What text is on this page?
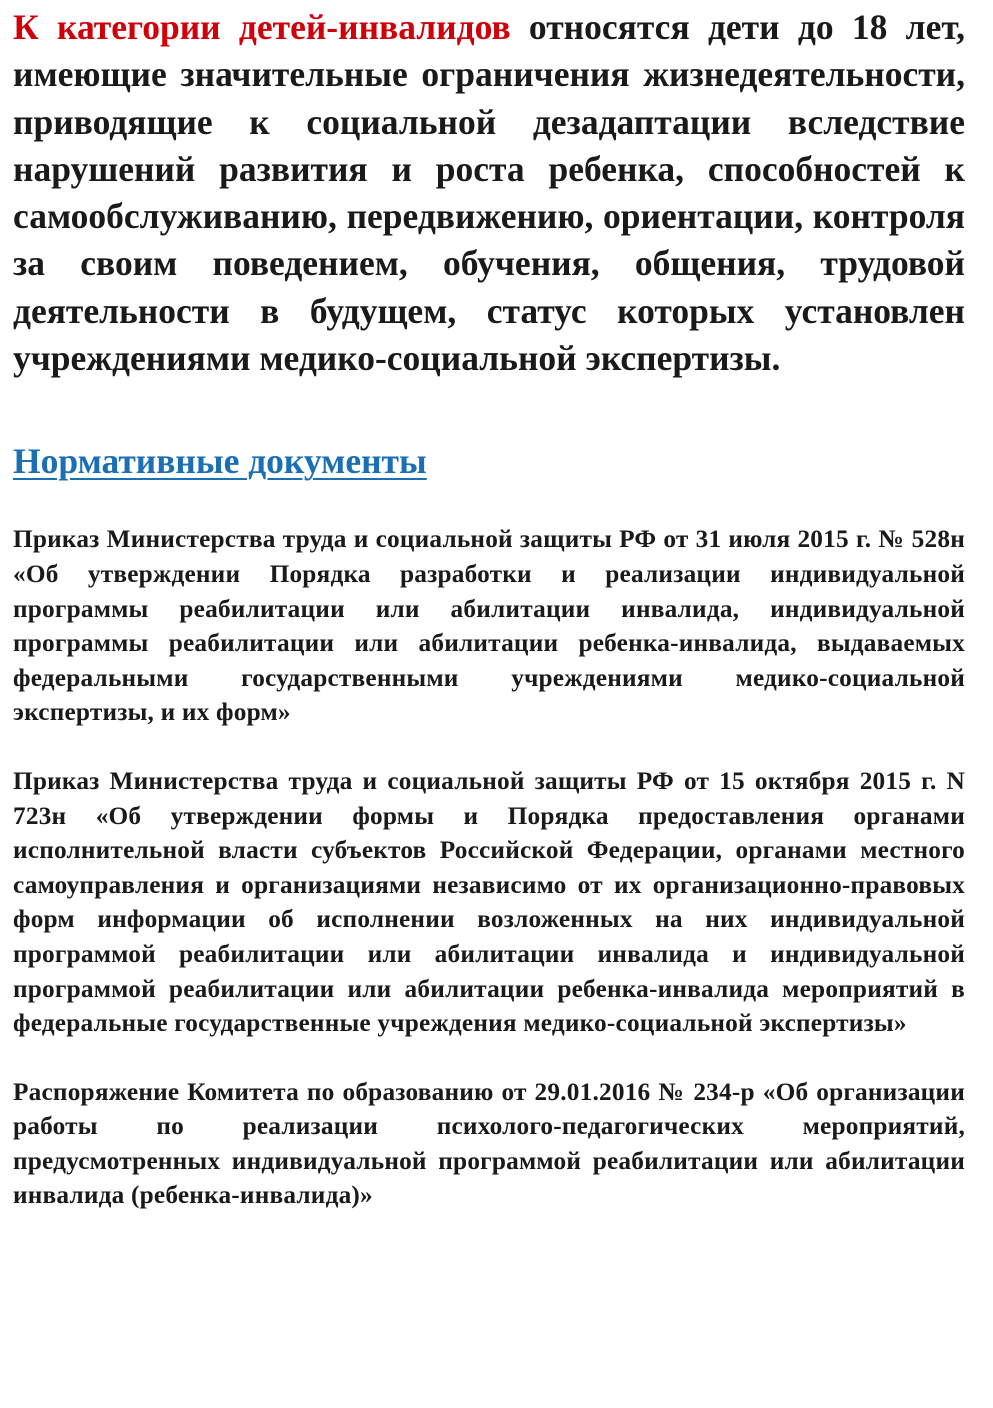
К категории детей-инвалидов относятся дети до 18 лет, имеющие значительные ограничения жизнедеятельности, приводящие к социальной дезадаптации вследствие нарушений развития и роста ребенка, способностей к самообслуживанию, передвижению, ориентации, контроля за своим поведением, обучения, общения, трудовой деятельности в будущем, статус которых установлен учреждениями медико-социальной экспертизы.

Нормативные документы
Приказ Министерства труда и социальной защиты РФ от 31 июля 2015 г. № 528н «Об утверждении Порядка разработки и реализации индивидуальной программы реабилитации или абилитации инвалида, индивидуальной программы реабилитации или абилитации ребенка-инвалида, выдаваемых федеральными государственными учреждениями медико-социальной экспертизы, и их форм»
Приказ Министерства труда и социальной защиты РФ от 15 октября 2015 г. N 723н «Об утверждении формы и Порядка предоставления органами исполнительной власти субъектов Российской Федерации, органами местного самоуправления и организациями независимо от их организационно-правовых форм информации об исполнении возложенных на них индивидуальной программой реабилитации или абилитации инвалида и индивидуальной программой реабилитации или абилитации ребенка-инвалида мероприятий в федеральные государственные учреждения медико-социальной экспертизы»
Распоряжение Комитета по образованию от 29.01.2016 № 234-р «Об организации работы по реализации психолого-педагогических мероприятий, предусмотренных индивидуальной программой реабилитации или абилитации инвалида (ребенка-инвалида)»
